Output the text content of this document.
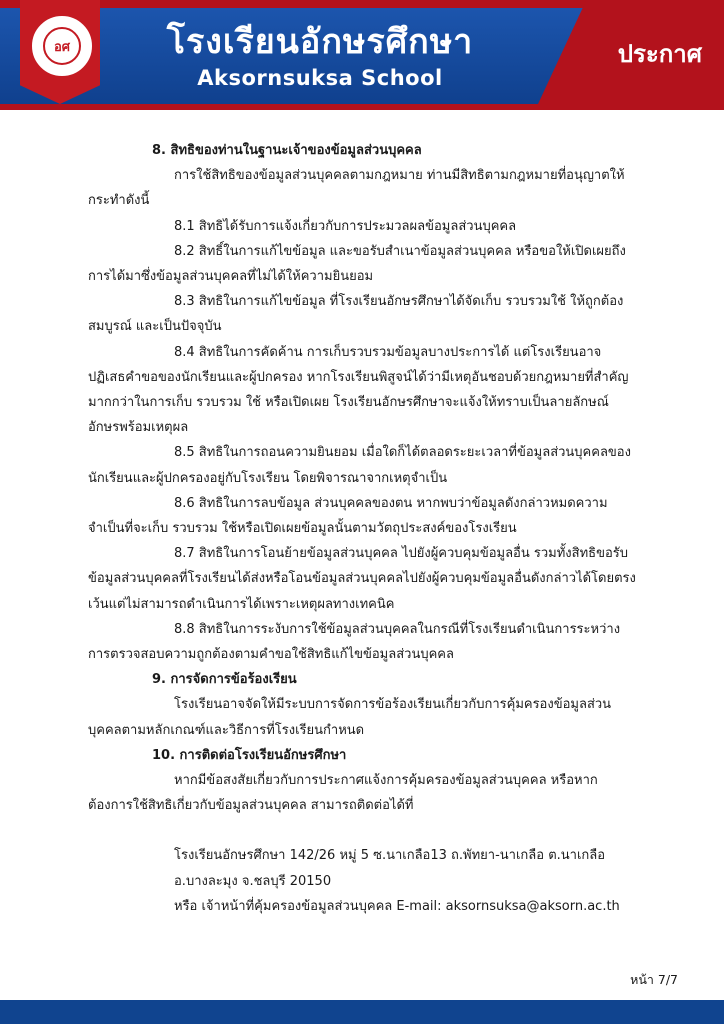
อศ	โรงเรียนอักษรศึกษา
Aksornsuksa School
ประกาศ

8. สิทธิของท่านในฐานะเจ้าของข้อมูลส่วนบุคคล

การใช้สิทธิของข้อมูลส่วนบุคคลตามกฎหมาย ท่านมีสิทธิตามกฎหมายที่อนุญาตให้กระทำดังนี้

8.1 สิทธิได้รับการแจ้งเกี่ยวกับการประมวลผลข้อมูลส่วนบุคคล

8.2 สิทธิ์ในการแก้ไขข้อมูล และขอรับสำเนาข้อมูลส่วนบุคคล หรือขอให้เปิดเผยถึงการได้มาซึ่งข้อมูลส่วนบุคคลที่ไม่ได้ให้ความยินยอม

8.3 สิทธิในการแก้ไขข้อมูล ที่โรงเรียนอักษรศึกษาได้จัดเก็บ รวบรวมใช้ ให้ถูกต้อง สมบูรณ์ และเป็นปัจจุบัน

8.4 สิทธิในการคัดค้าน การเก็บรวบรวมข้อมูลบางประการได้ แต่โรงเรียนอาจปฏิเสธคำขอของนักเรียนและผู้ปกครอง หากโรงเรียนพิสูจน์ได้ว่ามีเหตุอันชอบด้วยกฎหมายที่สำคัญมากกว่าในการเก็บ รวบรวม ใช้ หรือเปิดเผย โรงเรียนอักษรศึกษาจะแจ้งให้ทราบเป็นลายลักษณ์อักษรพร้อมเหตุผล

8.5 สิทธิในการถอนความยินยอม เมื่อใดก็ได้ตลอดระยะเวลาที่ข้อมูลส่วนบุคคลของนักเรียนและผู้ปกครองอยู่กับโรงเรียน โดยพิจารณาจากเหตุจำเป็น

8.6 สิทธิในการลบข้อมูล ส่วนบุคคลของตน หากพบว่าข้อมูลดังกล่าวหมดความจำเป็นที่จะเก็บ รวบรวม ใช้หรือเปิดเผยข้อมูลนั้นตามวัตถุประสงค์ของโรงเรียน

8.7 สิทธิในการโอนย้ายข้อมูลส่วนบุคคล ไปยังผู้ควบคุมข้อมูลอื่น รวมทั้งสิทธิขอรับข้อมูลส่วนบุคคลที่โรงเรียนได้ส่งหรือโอนข้อมูลส่วนบุคคลไปยังผู้ควบคุมข้อมูลอื่นดังกล่าวได้โดยตรง เว้นแต่ไม่สามารถดำเนินการได้เพราะเหตุผลทางเทคนิค

8.8 สิทธิในการระงับการใช้ข้อมูลส่วนบุคคลในกรณีที่โรงเรียนดำเนินการระหว่างการตรวจสอบความถูกต้องตามคำขอใช้สิทธิแก้ไขข้อมูลส่วนบุคคล

9. การจัดการข้อร้องเรียน

โรงเรียนอาจจัดให้มีระบบการจัดการข้อร้องเรียนเกี่ยวกับการคุ้มครองข้อมูลส่วนบุคคลตามหลักเกณฑ์และวิธีการที่โรงเรียนกำหนด

10. การติดต่อโรงเรียนอักษรศึกษา

หากมีข้อสงสัยเกี่ยวกับการประกาศแจ้งการคุ้มครองข้อมูลส่วนบุคคล หรือหากต้องการใช้สิทธิเกี่ยวกับข้อมูลส่วนบุคคล สามารถติดต่อได้ที่

โรงเรียนอักษรศึกษา 142/26 หมู่ 5 ซ.นาเกลือ13 ถ.พัทยา-นาเกลือ ต.นาเกลือ

อ.บางละมุง จ.ชลบุรี 20150

หรือ เจ้าหน้าที่คุ้มครองข้อมูลส่วนบุคคล E-mail: aksornsuksa@aksorn.ac.th

หน้า 7/7
